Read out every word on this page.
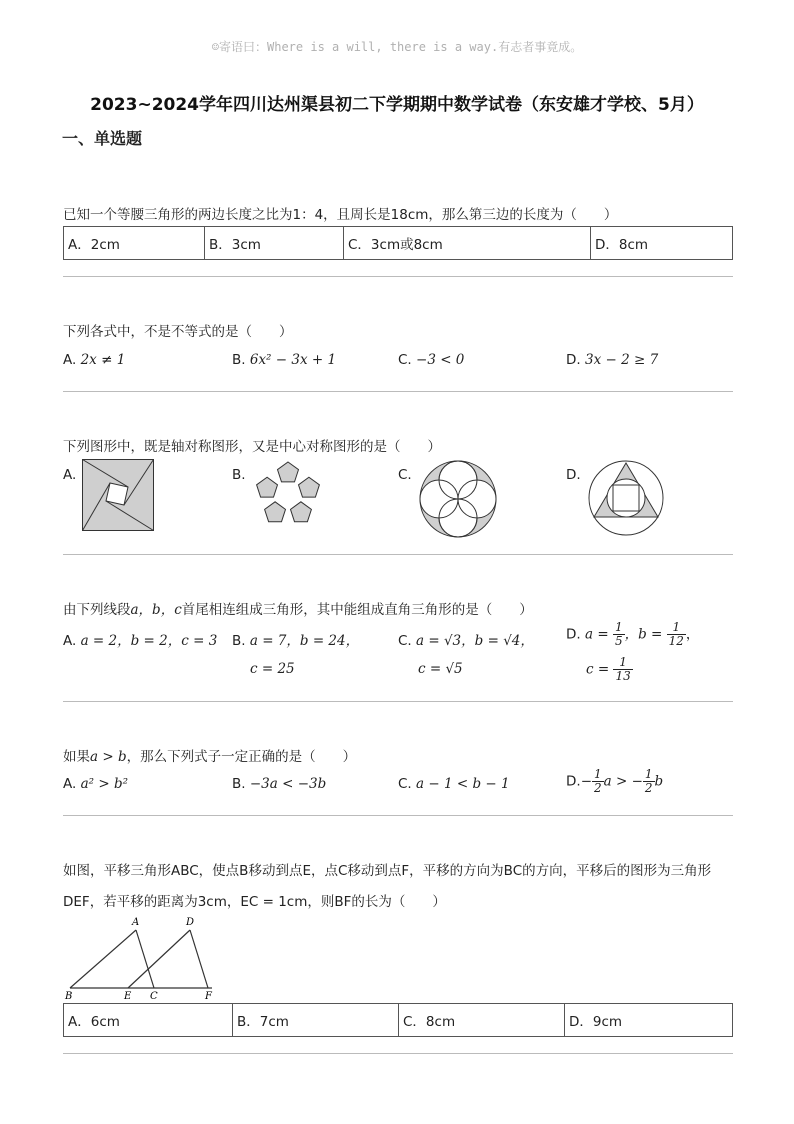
☺寄语曰：Where is a will, there is a way.有志者事竟成。
2023~2024学年四川达州渠县初二下学期期中数学试卷（东安雄才学校、5月）
一、单选题
已知一个等腰三角形的两边长度之比为1：4，且周长是18cm，那么第三边的长度为（　　）
A．2cm	B．3cm	C．3cm或8cm	D．8cm
下列各式中，不是不等式的是（　　）
A. 2x ≠ 1	B. 6x² − 3x + 1	C. −3 < 0	D. 3x − 2 ≥ 7
下列图形中，既是轴对称图形，又是中心对称图形的是（　　）
A.	B.	C.	D.
由下列线段a，b，c首尾相连组成三角形，其中能组成直角三角形的是（　　）
A. a = 2，b = 2，c = 3 B. a = 7，b = 24，
c = 25
C. a = √3，b = √4，
c = √5
D. $a = \frac{1}{5}$ ，$b = \frac{1}{12}$ ，
$c = \frac{1}{13}$
如果a > b，那么下列式子一定正确的是（　　）
A. a² > b²	B. −3a < −3b	C. a − 1 < b − 1	$D.- \frac{1}{2}$ a > − $\frac{1}{2}$ b
如图，平移三角形ABC，使点B移动到点E，点C移动到点F，平移的方向为BC的方向，平移后的图形为三角形
DEF，若平移的距离为3cm，EC = 1cm，则BF的长为（　　）
A	D
B	E C	F
A．6cm	B．7cm	C．8cm	D．9cm
